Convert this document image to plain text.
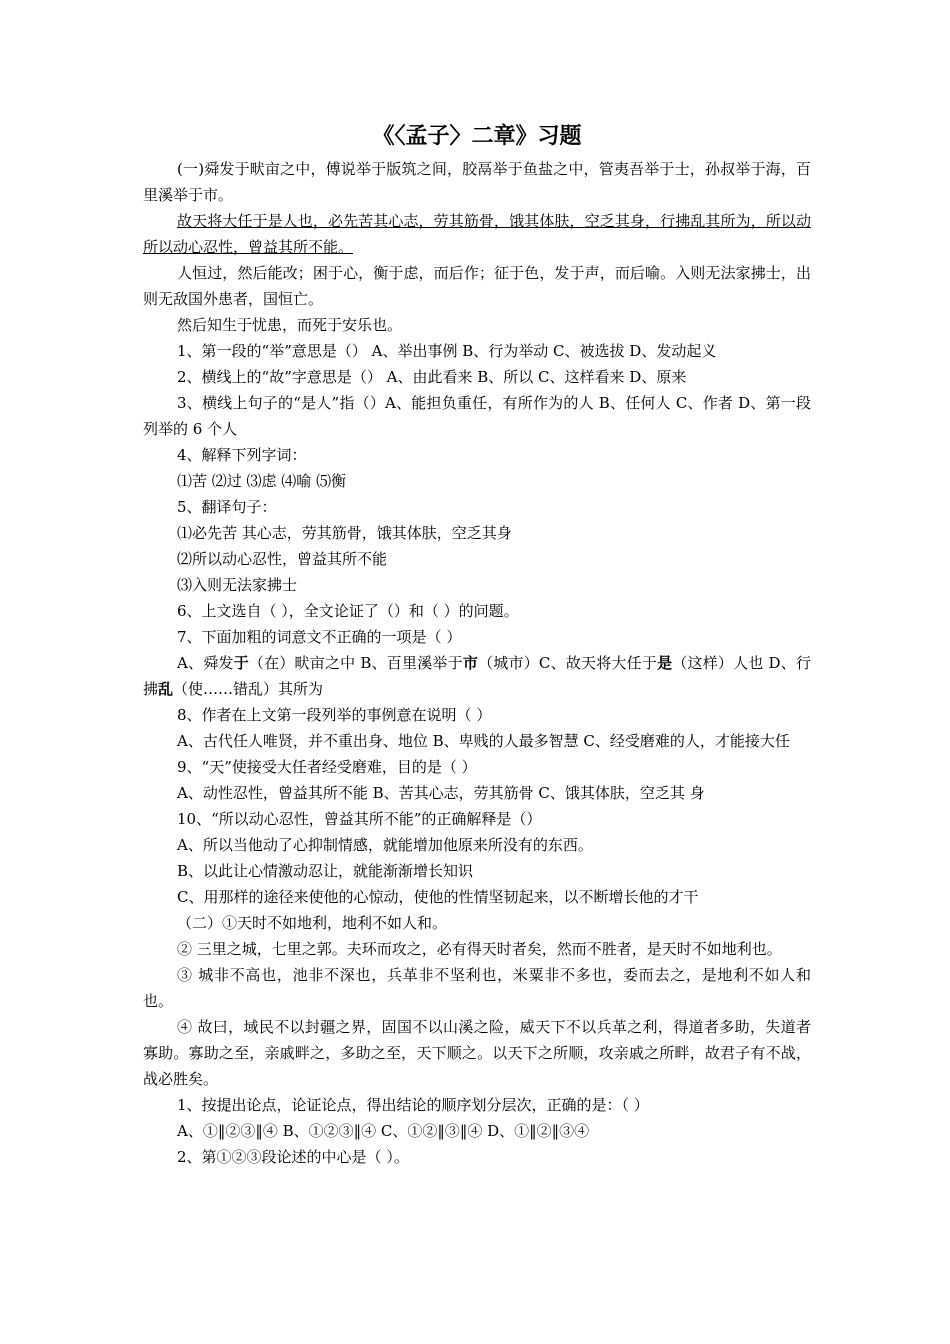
《〈孟子〉二章》习题

(一)舜发于畎亩之中，傅说举于版筑之间，胶鬲举于鱼盐之中，管夷吾举于士，孙叔举于海，百里溪举于市。

故天将大任于是人也，必先苦其心志，劳其筋骨，饿其体肤，空乏其身，行拂乱其所为，所以动所以动心忍性，曾益其所不能。

人恒过，然后能改；困于心，衡于虑，而后作；征于色，发于声，而后喻。入则无法家拂士，出则无敌国外患者，国恒亡。

然后知生于忧患，而死于安乐也。

1、第一段的“举”意思是（） A、举出事例 B、行为举动 C、被选拔 D、发动起义

2、横线上的“故”字意思是（） A、由此看来 B、所以 C、这样看来 D、原来

3、横线上句子的“是人”指（）A、能担负重任，有所作为的人 B、任何人 C、作者 D、第一段列举的 6 个人

4、解释下列字词：

⑴苦 ⑵过 ⑶虑 ⑷喻 ⑸衡

5、翻译句子：

⑴必先苦 其心志，劳其筋骨，饿其体肤，空乏其身

⑵所以动心忍性，曾益其所不能

⑶入则无法家拂士

6、上文选自（ ），全文论证了（）和（ ）的问题。

7、下面加粗的词意文不正确的一项是（ ）

A、舜发于（在）畎亩之中 B、百里溪举于市（城市）C、故天将大任于是（这样）人也 D、行拂乱（使……错乱）其所为

8、作者在上文第一段列举的事例意在说明（ ）

A、古代任人唯贤，并不重出身、地位 B、卑贱的人最多智慧 C、经受磨难的人，才能接大任

9、“天”使接受大任者经受磨难，目的是（ ）

A、动性忍性，曾益其所不能 B、苦其心志，劳其筋骨 C、饿其体肤，空乏其 身

10、“所以动心忍性，曾益其所不能”的正确解释是（）

A、所以当他动了心抑制情感，就能增加他原来所没有的东西。

B、以此让心情激动忍让，就能渐渐增长知识

C、用那样的途径来使他的心惊动，使他的性情坚韧起来，以不断增长他的才干

（二）①天时不如地利，地利不如人和。

② 三里之城，七里之郭。夫环而攻之，必有得天时者矣，然而不胜者，是天时不如地利也。

③ 城非不高也，池非不深也，兵革非不坚利也，米粟非不多也，委而去之，是地利不如人和也。

④ 故曰，域民不以封疆之界，固国不以山溪之险，威天下不以兵革之利，得道者多助，失道者寡助。寡助之至，亲戚畔之，多助之至，天下顺之。以天下之所顺，攻亲戚之所畔，故君子有不战，战必胜矣。

1、按提出论点，论证论点，得出结论的顺序划分层次，正确的是：（ ）

A、①‖②③‖④ B、①②③‖④ C、①②‖③‖④ D、①‖②‖③④

2、第①②③段论述的中心是（ ）。
